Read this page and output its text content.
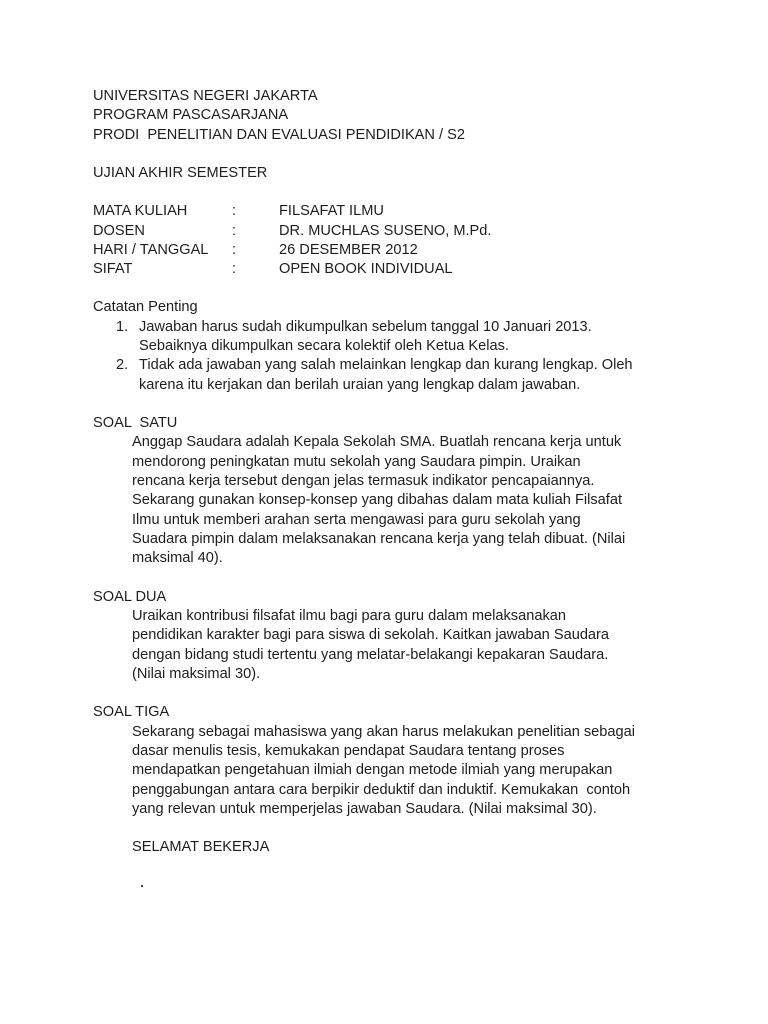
UNIVERSITAS NEGERI JAKARTA
PROGRAM PASCASARJANA
PRODI  PENELITIAN DAN EVALUASI PENDIDIKAN / S2
UJIAN AKHIR SEMESTER
MATA KULIAH	:	FILSAFAT ILMU
DOSEN	:	DR. MUCHLAS SUSENO, M.Pd.
HARI / TANGGAL :	26 DESEMBER 2012
SIFAT	:	OPEN BOOK INDIVIDUAL
Catatan Penting
1. Jawaban harus sudah dikumpulkan sebelum tanggal 10 Januari 2013.
Sebaiknya dikumpulkan secara kolektif oleh Ketua Kelas.
2. Tidak ada jawaban yang salah melainkan lengkap dan kurang lengkap. Oleh
karena itu kerjakan dan berilah uraian yang lengkap dalam jawaban.
SOAL  SATU
Anggap Saudara adalah Kepala Sekolah SMA. Buatlah rencana kerja untuk
mendorong peningkatan mutu sekolah yang Saudara pimpin. Uraikan
rencana kerja tersebut dengan jelas termasuk indikator pencapaiannya.
Sekarang gunakan konsep-konsep yang dibahas dalam mata kuliah Filsafat
Ilmu untuk memberi arahan serta mengawasi para guru sekolah yang
Suadara pimpin dalam melaksanakan rencana kerja yang telah dibuat. (Nilai
maksimal 40).
SOAL DUA
Uraikan kontribusi filsafat ilmu bagi para guru dalam melaksanakan
pendidikan karakter bagi para siswa di sekolah. Kaitkan jawaban Saudara
dengan bidang studi tertentu yang melatar-belakangi kepakaran Saudara.
(Nilai maksimal 30).
SOAL TIGA
Sekarang sebagai mahasiswa yang akan harus melakukan penelitian sebagai
dasar menulis tesis, kemukakan pendapat Saudara tentang proses
mendapatkan pengetahuan ilmiah dengan metode ilmiah yang merupakan
penggabungan antara cara berpikir deduktif dan induktif. Kemukakan  contoh
yang relevan untuk memperjelas jawaban Saudara. (Nilai maksimal 30).
SELAMAT BEKERJA
